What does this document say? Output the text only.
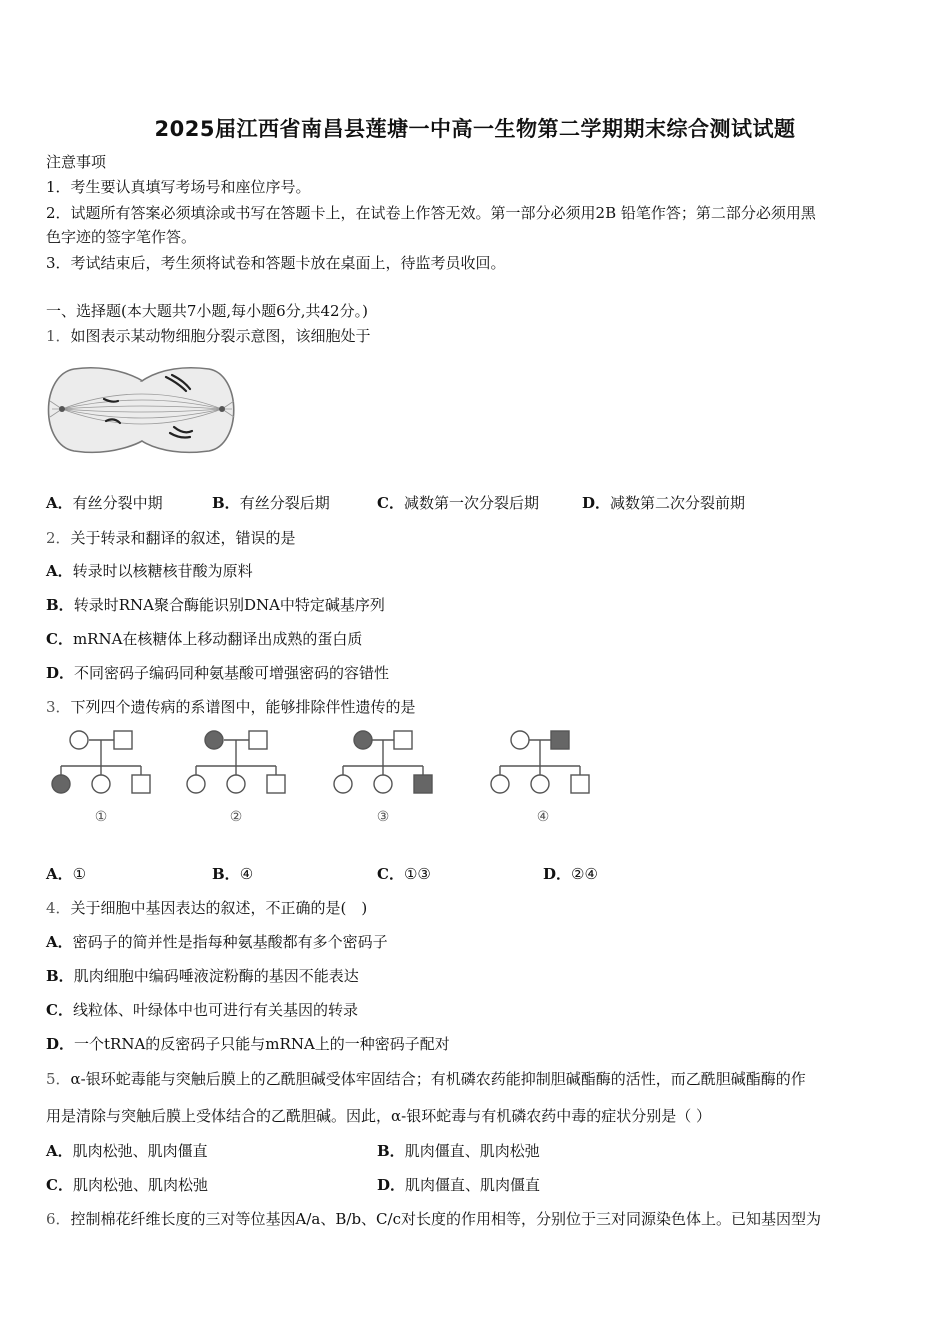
2025届江西省南昌县莲塘一中高一生物第二学期期末综合测试试题
注意事项
1．考生要认真填写考场号和座位序号。
2．试题所有答案必须填涂或书写在答题卡上，在试卷上作答无效。第一部分必须用2B 铅笔作答；第二部分必须用黑
色字迹的签字笔作答。
3．考试结束后，考生须将试卷和答题卡放在桌面上，待监考员收回。
一、选择题(本大题共7小题,每小题6分,共42分。)
1．如图表示某动物细胞分裂示意图，该细胞处于
A．有丝分裂中期	B．有丝分裂后期	C．减数第一次分裂后期	D．减数第二次分裂前期
2．关于转录和翻译的叙述，错误的是
A．转录时以核糖核苷酸为原料
B．转录时RNA聚合酶能识别DNA中特定碱基序列
C．mRNA在核糖体上移动翻译出成熟的蛋白质
D．不同密码子编码同种氨基酸可增强密码的容错性
3．下列四个遗传病的系谱图中，能够排除伴性遗传的是
①	②	③	④
A．①	B．④	C．①③	D．②④
4．关于细胞中基因表达的叙述，不正确的是(　)
A．密码子的简并性是指每种氨基酸都有多个密码子
B．肌肉细胞中编码唾液淀粉酶的基因不能表达
C．线粒体、叶绿体中也可进行有关基因的转录
D．一个tRNA的反密码子只能与mRNA上的一种密码子配对
5．α-银环蛇毒能与突触后膜上的乙酰胆碱受体牢固结合；有机磷农药能抑制胆碱酯酶的活性，而乙酰胆碱酯酶的作
用是清除与突触后膜上受体结合的乙酰胆碱。因此，α-银环蛇毒与有机磷农药中毒的症状分别是（ ）
A．肌肉松弛、肌肉僵直	B．肌肉僵直、肌肉松弛
C．肌肉松弛、肌肉松弛	D．肌肉僵直、肌肉僵直
6．控制棉花纤维长度的三对等位基因A/a、B/b、C/c对长度的作用相等，分别位于三对同源染色体上。已知基因型为
